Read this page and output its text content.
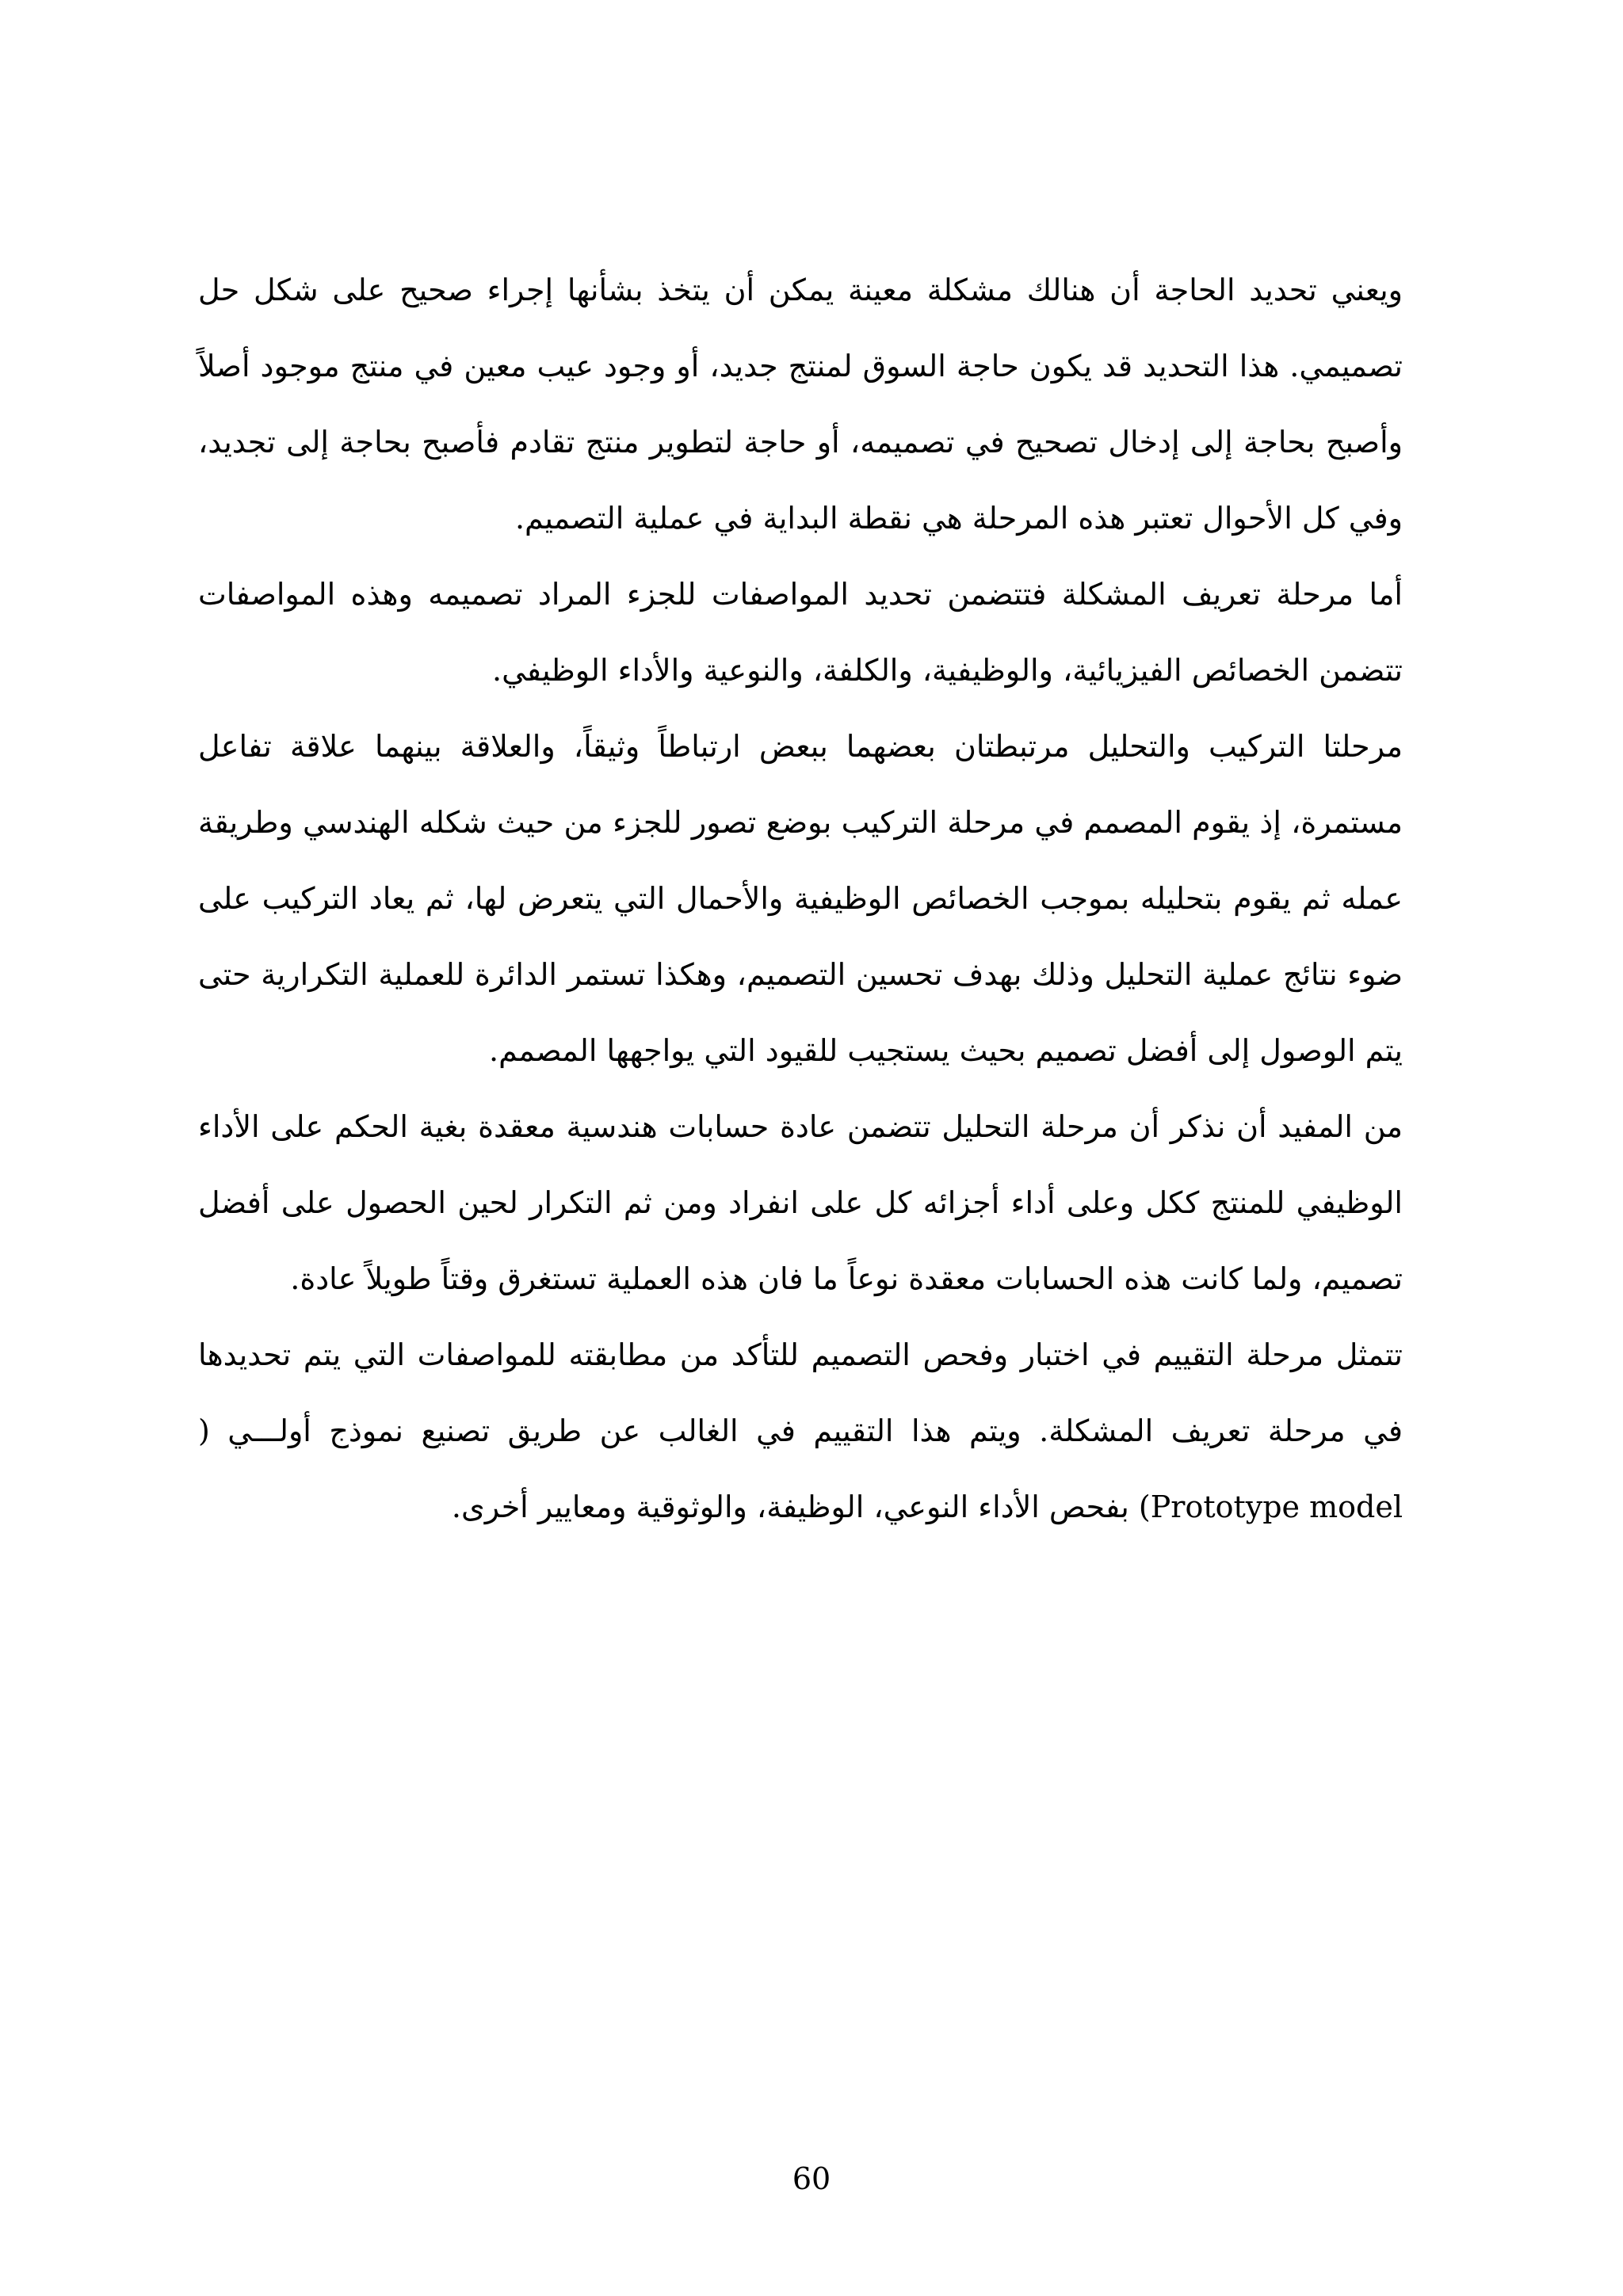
ويعني تحديد الحاجة أن هنالك مشكلة معينة يمكن أن يتخذ بشأنها إجراء صحيح على شكل حل تصميمي. هذا التحديد قد يكون حاجة السوق لمنتج جديد، أو وجود عيب معين في منتج موجود أصلاً وأصبح بحاجة إلى إدخال تصحيح في تصميمه، أو حاجة لتطوير منتج تقادم فأصبح بحاجة إلى تجديد، وفي كل الأحوال تعتبر هذه المرحلة هي نقطة البداية في عملية التصميم.

أما مرحلة تعريف المشكلة فتتضمن تحديد المواصفات للجزء المراد تصميمه وهذه المواصفات تتضمن الخصائص الفيزيائية، والوظيفية، والكلفة، والنوعية والأداء الوظيفي.

مرحلتا التركيب والتحليل مرتبطتان بعضهما ببعض ارتباطاً وثيقاً، والعلاقة بينهما علاقة تفاعل مستمرة، إذ يقوم المصمم في مرحلة التركيب بوضع تصور للجزء من حيث شكله الهندسي وطريقة عمله ثم يقوم بتحليله بموجب الخصائص الوظيفية والأحمال التي يتعرض لها، ثم يعاد التركيب على ضوء نتائج عملية التحليل وذلك بهدف تحسين التصميم، وهكذا تستمر الدائرة للعملية التكرارية حتى يتم الوصول إلى أفضل تصميم بحيث يستجيب للقيود التي يواجهها المصمم.

من المفيد أن نذكر أن مرحلة التحليل تتضمن عادة حسابات هندسية معقدة بغية الحكم على الأداء الوظيفي للمنتج ككل وعلى أداء أجزائه كل على انفراد ومن ثم التكرار لحين الحصول على أفضل تصميم، ولما كانت هذه الحسابات معقدة نوعاً ما فان هذه العملية تستغرق وقتاً طويلاً عادة.

تتمثل مرحلة التقييم في اختبار وفحص التصميم للتأكد من مطابقته للمواصفات التي يتم تحديدها في مرحلة تعريف المشكلة. ويتم هذا التقييم في الغالب عن طريق تصنيع نموذج أولـــي ( Prototype model) بفحص الأداء النوعي، الوظيفة، والوثوقية ومعايير أخرى.

60
